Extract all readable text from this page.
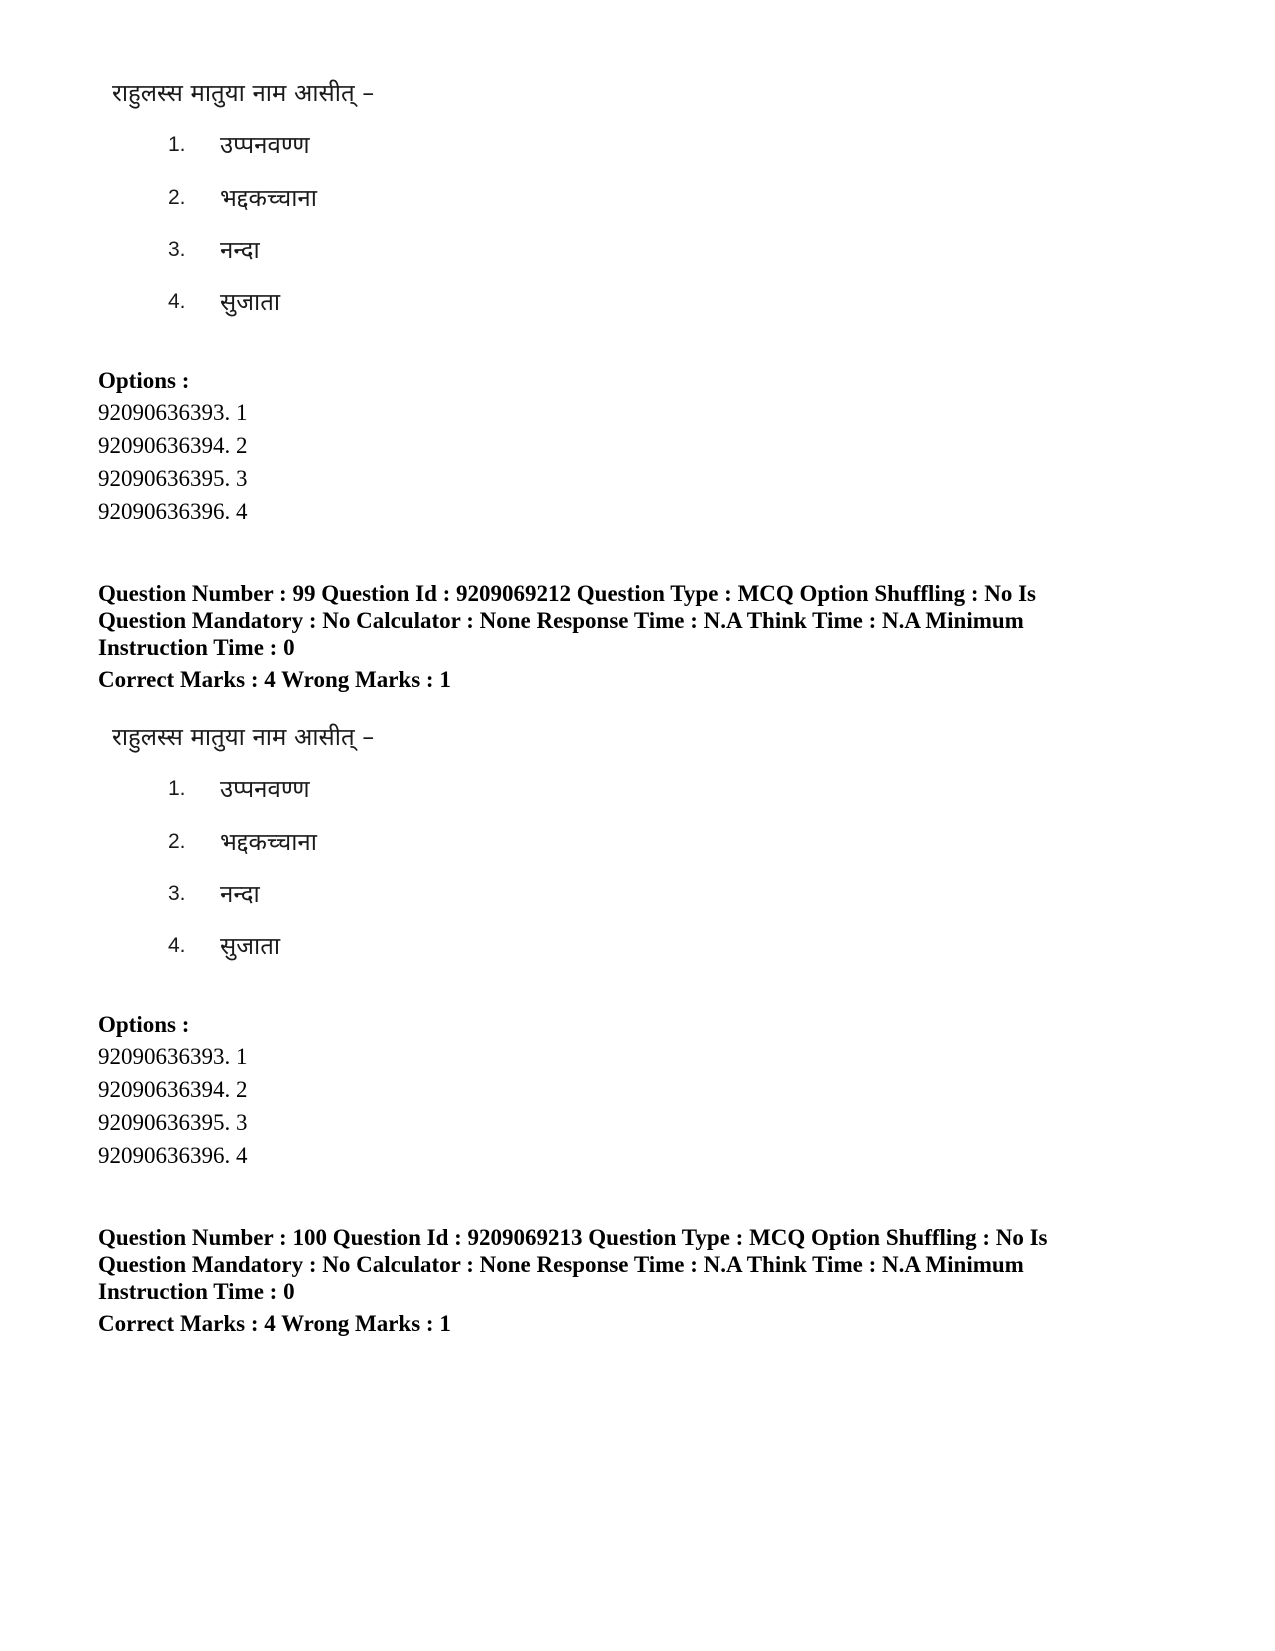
राहुलस्स मातुया नाम आसीत् –
1. उप्पनवण्ण
2. भद्दकच्चाना
3. नन्दा
4. सुजाता
Options :
92090636393. 1
92090636394. 2
92090636395. 3
92090636396. 4
Question Number : 99 Question Id : 9209069212 Question Type : MCQ Option Shuffling : No Is
Question Mandatory : No Calculator : None Response Time : N.A Think Time : N.A Minimum
Instruction Time : 0
Correct Marks : 4 Wrong Marks : 1
राहुलस्स मातुया नाम आसीत् –
1. उप्पनवण्ण
2. भद्दकच्चाना
3. नन्दा
4. सुजाता
Options :
92090636393. 1
92090636394. 2
92090636395. 3
92090636396. 4
Question Number : 100 Question Id : 9209069213 Question Type : MCQ Option Shuffling : No Is
Question Mandatory : No Calculator : None Response Time : N.A Think Time : N.A Minimum
Instruction Time : 0
Correct Marks : 4 Wrong Marks : 1
